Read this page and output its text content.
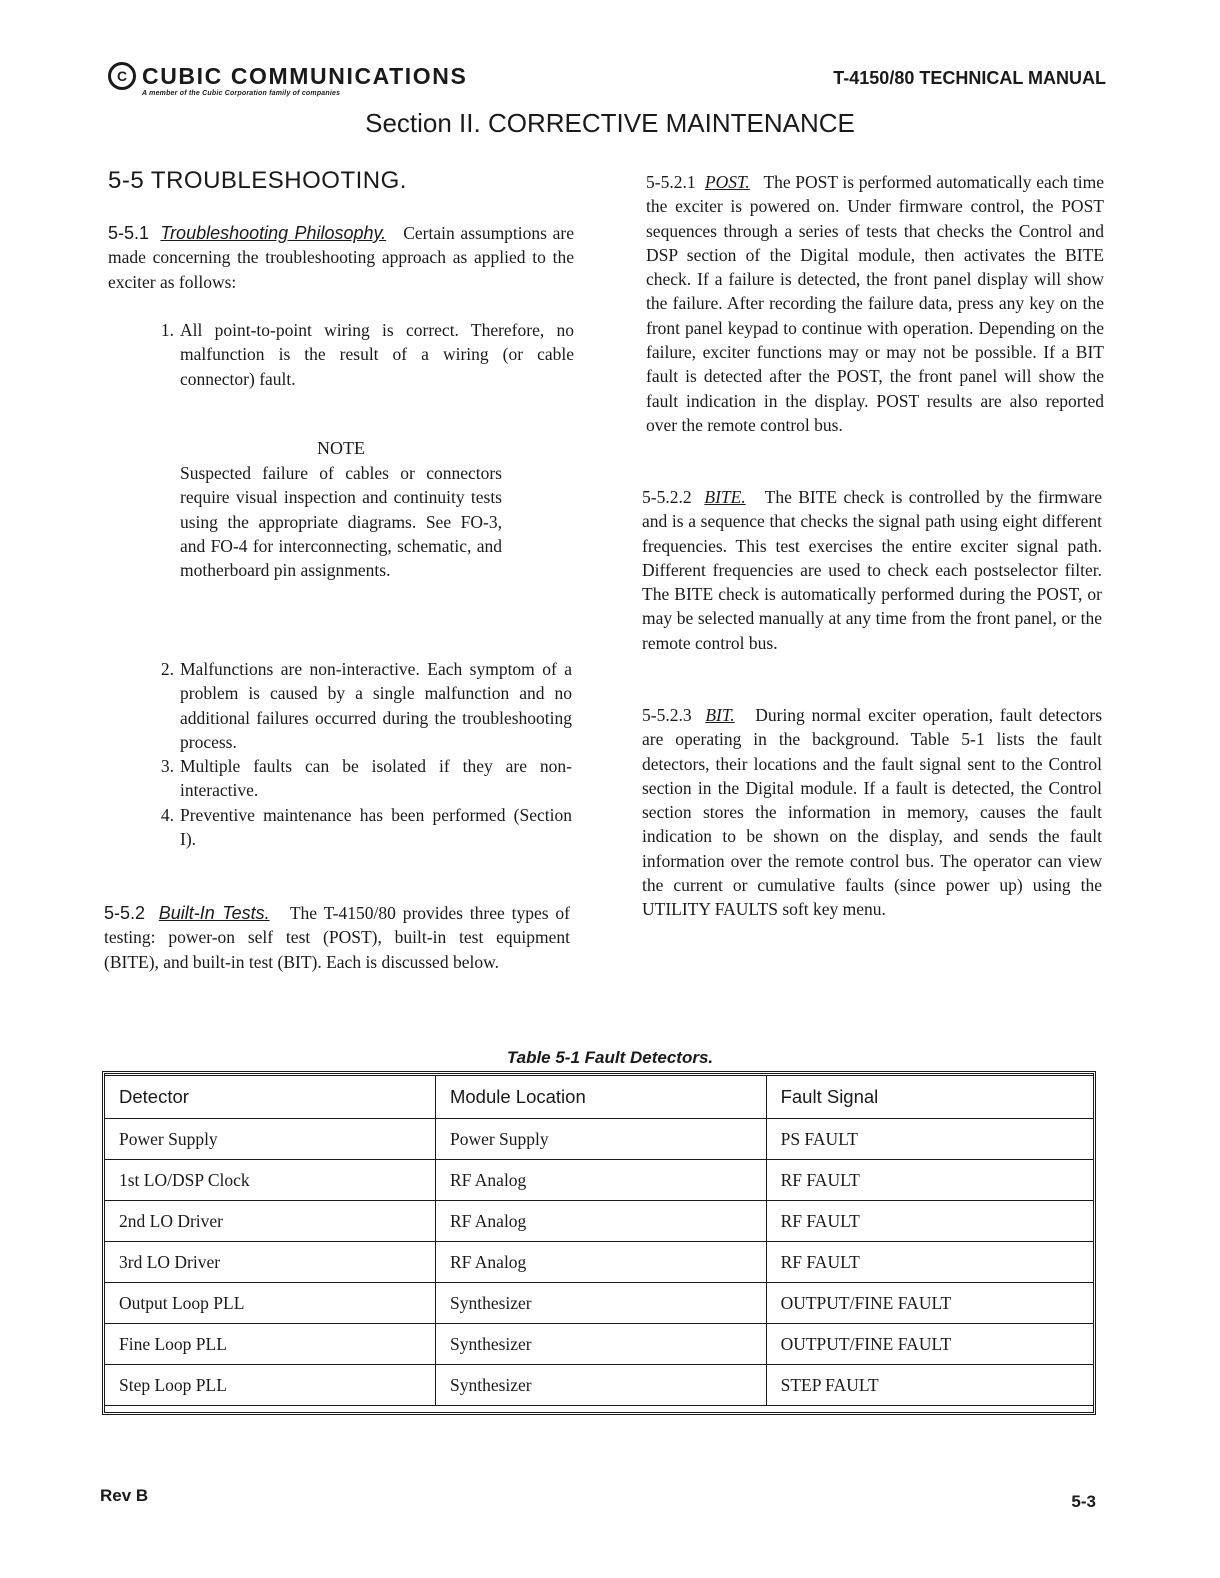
C CUBIC COMMUNICATIONS
A member of the Cubic Corporation family of companies
T-4150/80 TECHNICAL MANUAL
Section II. CORRECTIVE MAINTENANCE
5-5 TROUBLESHOOTING.
5-5.1 Troubleshooting Philosophy. Certain assumptions are made concerning the troubleshooting approach as applied to the exciter as follows:
1. All point-to-point wiring is correct. Therefore, no malfunction is the result of a wiring (or cable connector) fault.
NOTE
Suspected failure of cables or connectors require visual inspection and continuity tests using the appropriate diagrams. See FO-3, and FO-4 for interconnecting, schematic, and motherboard pin assignments.
2. Malfunctions are non-interactive. Each symptom of a problem is caused by a single malfunction and no additional failures occurred during the troubleshooting process.
3. Multiple faults can be isolated if they are non-interactive.
4. Preventive maintenance has been performed (Section I).
5-5.2 Built-In Tests. The T-4150/80 provides three types of testing: power-on self test (POST), built-in test equipment (BITE), and built-in test (BIT). Each is discussed below.
5-5.2.1 POST. The POST is performed automatically each time the exciter is powered on. Under firmware control, the POST sequences through a series of tests that checks the Control and DSP section of the Digital module, then activates the BITE check. If a failure is detected, the front panel display will show the failure. After recording the failure data, press any key on the front panel keypad to continue with operation. Depending on the failure, exciter functions may or may not be possible. If a BIT fault is detected after the POST, the front panel will show the fault indication in the display. POST results are also reported over the remote control bus.
5-5.2.2 BITE. The BITE check is controlled by the firmware and is a sequence that checks the signal path using eight different frequencies. This test exercises the entire exciter signal path. Different frequencies are used to check each postselector filter. The BITE check is automatically performed during the POST, or may be selected manually at any time from the front panel, or the remote control bus.
5-5.2.3 BIT. During normal exciter operation, fault detectors are operating in the background. Table 5-1 lists the fault detectors, their locations and the fault signal sent to the Control section in the Digital module. If a fault is detected, the Control section stores the information in memory, causes the fault indication to be shown on the display, and sends the fault information over the remote control bus. The operator can view the current or cumulative faults (since power up) using the UTILITY FAULTS soft key menu.
Table 5-1 Fault Detectors.
Detector	Module Location	Fault Signal
Power Supply	Power Supply	PS FAULT
1st LO/DSP Clock	RF Analog	RF FAULT
2nd LO Driver	RF Analog	RF FAULT
3rd LO Driver	RF Analog	RF FAULT
Output Loop PLL	Synthesizer	OUTPUT/FINE FAULT
Fine Loop PLL	Synthesizer	OUTPUT/FINE FAULT
Step Loop PLL	Synthesizer	STEP FAULT
Rev B	5-3
